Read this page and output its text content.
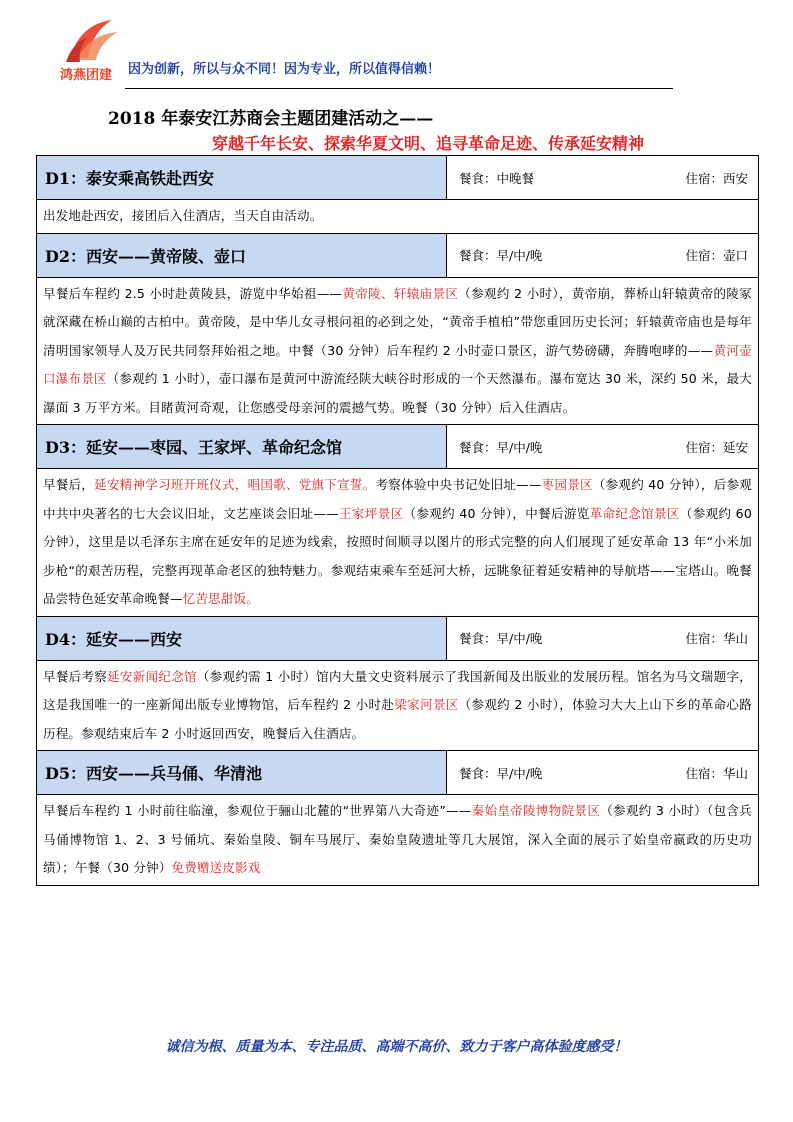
鸿燕团建 因为创新，所以与众不同！因为专业，所以值得信赖！
2018 年泰安江苏商会主题团建活动之——
穿越千年长安、探索华夏文明、追寻革命足迹、传承延安精神
D1：泰安乘高铁赴西安	餐食：中晚餐 住宿：西安

出发地赴西安，接团后入住酒店，当天自由活动。	
D2：西安——黄帝陵、壶口	餐食：早/中/晚 住宿：壶口

早餐后车程约 2.5 小时赴黄陵县，游览中华始祖——黄帝陵、轩辕庙景区（参观约 2 小时），黄帝崩，葬桥山轩辕黄帝的陵冢就深藏在桥山巅的古柏中。黄帝陵，是中华儿女寻根问祖的必到之处，“黄帝手植柏”带您重回历史长河；轩辕黄帝庙也是每年清明国家领导人及万民共同祭拜始祖之地。中餐（30 分钟）后车程约 2 小时壶口景区，游气势磅礴，奔腾咆哮的——黄河壶口瀑布景区（参观约 1 小时），壶口瀑布是黄河中游流经陕大峡谷时形成的一个天然瀑布。瀑布宽达 30 米，深约 50 米，最大瀑面 3 万平方米。目睹黄河奇观，让您感受母亲河的震撼气势。晚餐（30 分钟）后入住酒店。	
D3：延安——枣园、王家坪、革命纪念馆	餐食：早/中/晚 住宿：延安

早餐后，延安精神学习班开班仪式，唱国歌、党旗下宣誓。考察体验中央书记处旧址——枣园景区（参观约 40 分钟），后参观中共中央著名的七大会议旧址，文艺座谈会旧址——王家坪景区（参观约 40 分钟），中餐后游览革命纪念馆景区（参观约 60 分钟），这里是以毛泽东主席在延安年的足迹为线索，按照时间顺寻以图片的形式完整的向人们展现了延安革命 13 年“小米加步枪“的艰苦历程，完整再现革命老区的独特魅力。参观结束乘车至延河大桥，远眺象征着延安精神的导航塔——宝塔山。晚餐品尝特色延安革命晚餐—忆苦思甜饭。	
D4：延安——西安	餐食：早/中/晚 住宿：华山

早餐后考察延安新闻纪念馆（参观约需 1 小时）馆内大量文史资料展示了我国新闻及出版业的发展历程。馆名为马文瑞题字，这是我国唯一的一座新闻出版专业博物馆，后车程约 2 小时赴梁家河景区（参观约 2 小时），体验习大大上山下乡的革命心路历程。参观结束后车 2 小时返回西安，晚餐后入住酒店。	
D5：西安——兵马俑、华清池	餐食：早/中/晚 住宿：华山

早餐后车程约 1 小时前往临潼，参观位于骊山北麓的“世界第八大奇迹”——秦始皇帝陵博物院景区（参观约 3 小时）（包含兵马俑博物馆 1、2、3 号俑坑、秦始皇陵、铜车马展厅、秦始皇陵遗址等几大展馆，深入全面的展示了始皇帝嬴政的历史功绩）；午餐（30 分钟）免费赠送皮影戏	
诚信为根、质量为本、专注品质、高端不高价、致力于客户高体验度感受！
